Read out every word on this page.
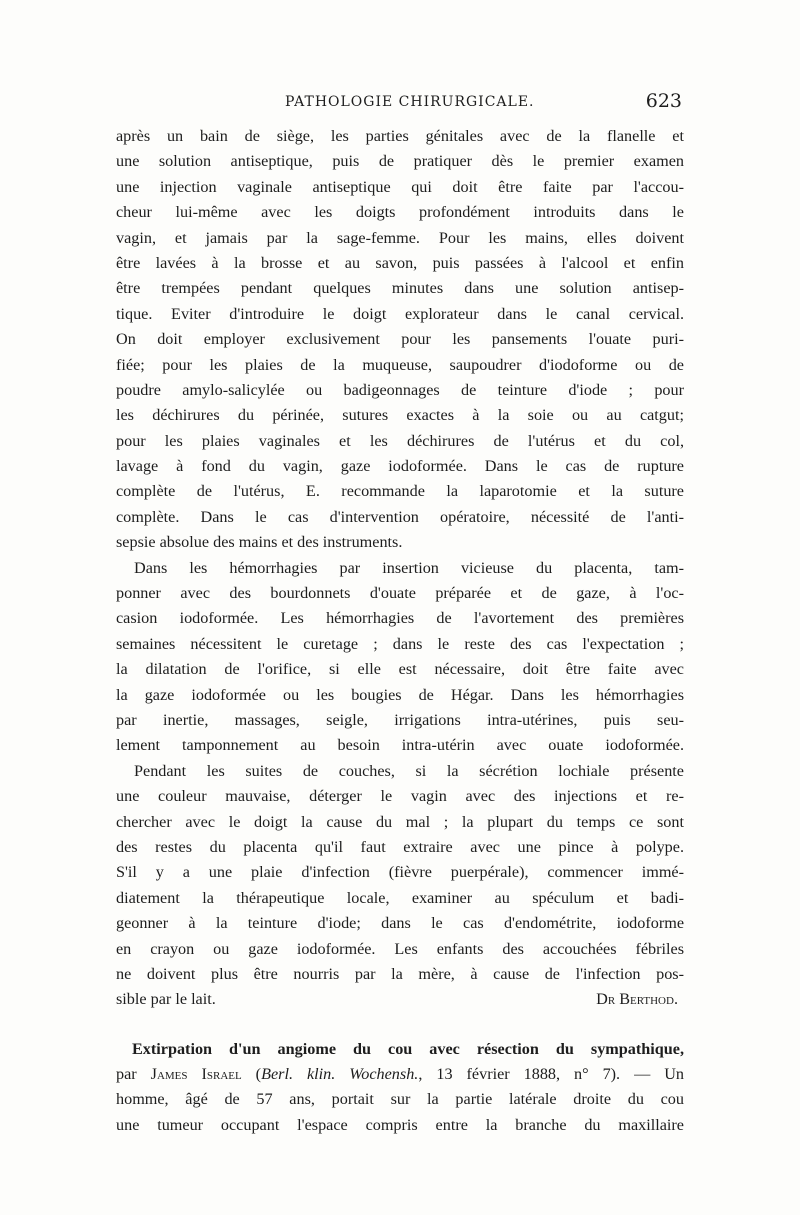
PATHOLOGIE CHIRURGICALE.	623
après un bain de siège, les parties génitales avec de la flanelle et
une solution antiseptique, puis de pratiquer dès le premier examen
une injection vaginale antiseptique qui doit être faite par l'accou-
cheur lui-même avec les doigts profondément introduits dans le
vagin, et jamais par la sage-femme. Pour les mains, elles doivent
être lavées à la brosse et au savon, puis passées à l'alcool et enfin
être trempées pendant quelques minutes dans une solution antisep-
tique. Eviter d'introduire le doigt explorateur dans le canal cervical.
On doit employer exclusivement pour les pansements l'ouate puri-
fiée; pour les plaies de la muqueuse, saupoudrer d'iodoforme ou de
poudre amylo-salicylée ou badigeonnages de teinture d'iode ; pour
les déchirures du périnée, sutures exactes à la soie ou au catgut;
pour les plaies vaginales et les déchirures de l'utérus et du col,
lavage à fond du vagin, gaze iodoformée. Dans le cas de rupture
complète de l'utérus, E. recommande la laparotomie et la suture
complète. Dans le cas d'intervention opératoire, nécessité de l'anti-
sepsie absolue des mains et des instruments.
Dans les hémorrhagies par insertion vicieuse du placenta, tam-
ponner avec des bourdonnets d'ouate préparée et de gaze, à l'oc-
casion iodoformée. Les hémorrhagies de l'avortement des premières
semaines nécessitent le curetage ; dans le reste des cas l'expectation ;
la dilatation de l'orifice, si elle est nécessaire, doit être faite avec
la gaze iodoformée ou les bougies de Hégar. Dans les hémorrhagies
par inertie, massages, seigle, irrigations intra-utérines, puis seu-
lement tamponnement au besoin intra-utérin avec ouate iodoformée.
Pendant les suites de couches, si la sécrétion lochiale présente
une couleur mauvaise, déterger le vagin avec des injections et re-
chercher avec le doigt la cause du mal ; la plupart du temps ce sont
des restes du placenta qu'il faut extraire avec une pince à polype.
S'il y a une plaie d'infection (fièvre puerpérale), commencer immé-
diatement la thérapeutique locale, examiner au spéculum et badi-
geonner à la teinture d'iode; dans le cas d'endométrite, iodoforme
en crayon ou gaze iodoformée. Les enfants des accouchées fébriles
ne doivent plus être nourris par la mère, à cause de l'infection pos-
sible par le lait.	Dr Berthod.
Extirpation d'un angiome du cou avec résection du sympathique,
par James Israel (Berl. klin. Wochensh., 13 février 1888, n° 7). — Un
homme, âgé de 57 ans, portait sur la partie latérale droite du cou
une tumeur occupant l'espace compris entre la branche du maxillaire
